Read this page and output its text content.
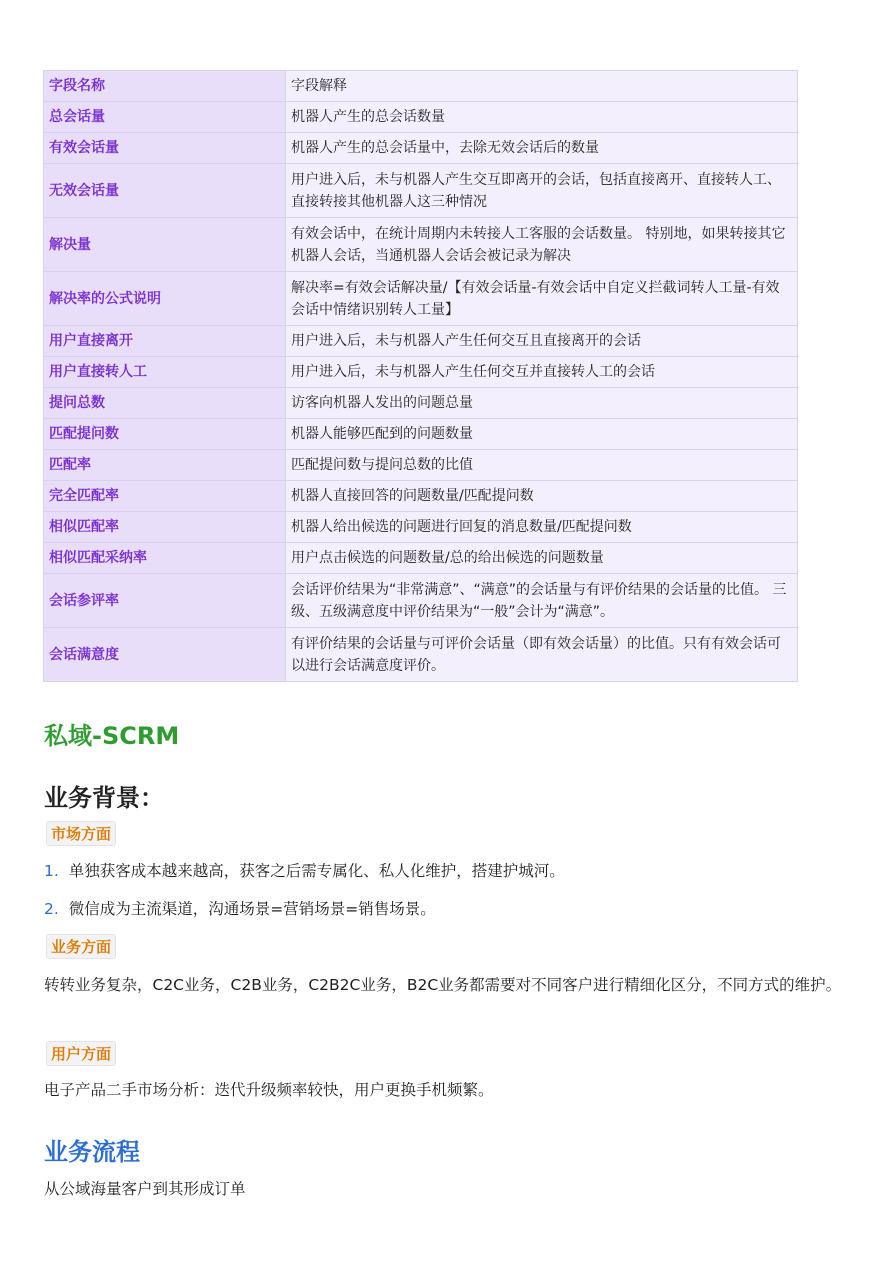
字段名称	字段解释
总会话量	机器人产生的总会话数量
有效会话量	机器人产生的总会话量中，去除无效会话后的数量
无效会话量	用户进入后，未与机器人产生交互即离开的会话，包括直接离开、直接转人工、直接转接其他机器人这三种情况
解决量	有效会话中，在统计周期内未转接人工客服的会话数量。 特别地，如果转接其它机器人会话，当通机器人会话会被记录为解决
解决率的公式说明	解决率=有效会话解决量/【有效会话量-有效会话中自定义拦截词转人工量-有效会话中情绪识别转人工量】
用户直接离开	用户进入后，未与机器人产生任何交互且直接离开的会话
用户直接转人工	用户进入后，未与机器人产生任何交互并直接转人工的会话
提问总数	访客向机器人发出的问题总量
匹配提问数	机器人能够匹配到的问题数量
匹配率	匹配提问数与提问总数的比值
完全匹配率	机器人直接回答的问题数量/匹配提问数
相似匹配率	机器人给出候选的问题进行回复的消息数量/匹配提问数
相似匹配采纳率	用户点击候选的问题数量/总的给出候选的问题数量
会话参评率	会话评价结果为“非常满意”、“满意”的会话量与有评价结果的会话量的比值。 三级、五级满意度中评价结果为“一般”会计为“满意”。
会话满意度	有评价结果的会话量与可评价会话量（即有效会话量）的比值。只有有效会话可以进行会话满意度评价。
私域-SCRM
业务背景：
市场方面
1. 单独获客成本越来越高，获客之后需专属化、私人化维护，搭建护城河。
2. 微信成为主流渠道，沟通场景=营销场景=销售场景。
业务方面
转转业务复杂，C2C业务，C2B业务，C2B2C业务，B2C业务都需要对不同客户进行精细化区分，不同方式的维护。
用户方面
电子产品二手市场分析：迭代升级频率较快，用户更换手机频繁。
业务流程
从公域海量客户到其形成订单
